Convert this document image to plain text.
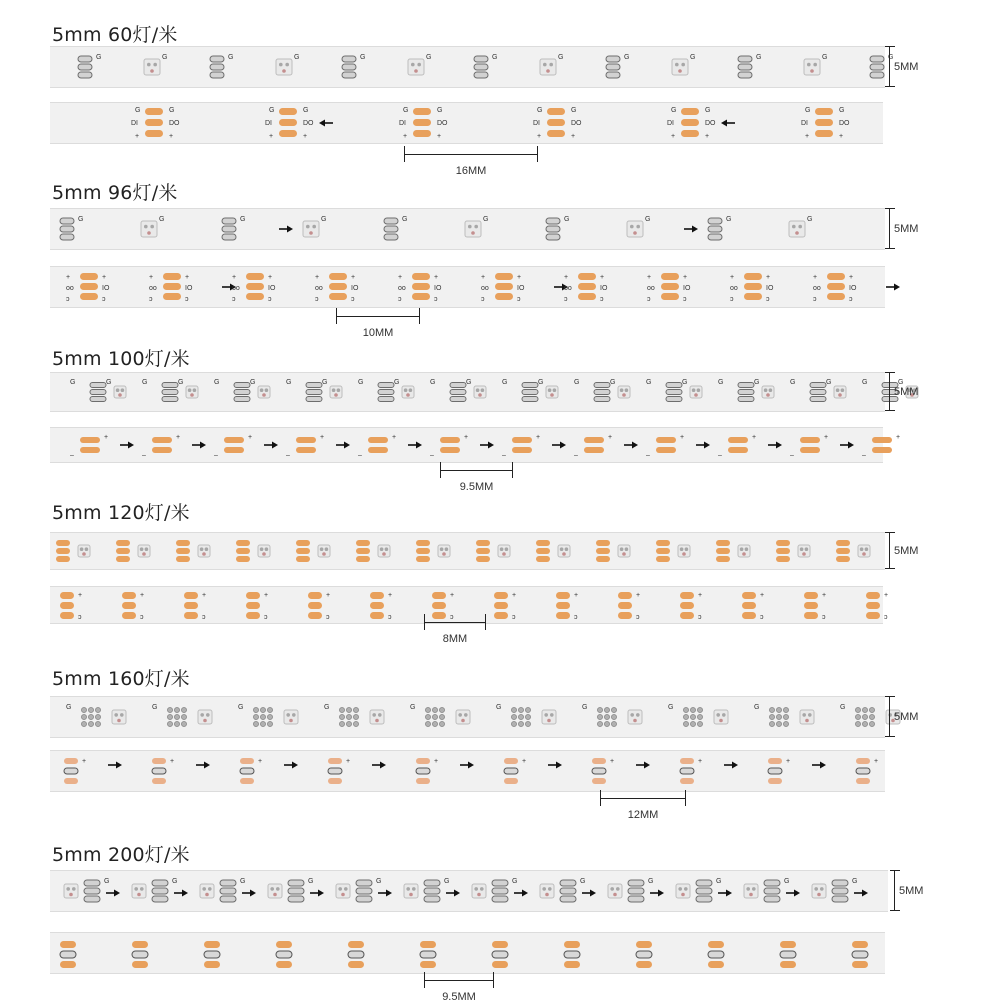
5mm 60灯/米
G	G	G	G	G	G	G	G	G	G	G	G	G
5MM
G	G
DI	DO
+	+
G	G
DI	DO
+	+
G	G
DI	DO
+	+
G	G
DI	DO
+	+
G	G
DI	DO
+	+
G	G
DI	DO
+	+
16MM
5mm 96灯/米
G	G	G	G	G	G	G	G	G	G
5MM
+
oo
ɔ
+
IO
ɔ
+
oo
ɔ
+
IO
ɔ
+
oo
ɔ
+
IO
ɔ
+
oo
ɔ
+
IO
ɔ
+
oo
ɔ
+
IO
ɔ
+
oo
ɔ
+
IO
ɔ
+
oo
ɔ
+
IO
ɔ
+
oo
ɔ
+
IO
ɔ
+
oo
ɔ
+
IO
ɔ
+
oo
ɔ
+
IO
ɔ
10MM
5mm 100灯/米
G	G	G	G	G	G	G	G	G	G	G	G	G	G	G	G	G	G	G	G	G	G	G	G
5MM
+
–
+
–
+
–
+
–
+
–
+
–
+
–
+
–
+
–
+
–
+
–
+
–
9.5MM
5mm 120灯/米
5MM
+
ɔ
+
ɔ
+
ɔ
+
ɔ
+
ɔ
+
ɔ
+
ɔ
+
ɔ
+
ɔ
+
ɔ
+
ɔ
+
ɔ
+
ɔ
+
ɔ
8MM
5mm 160灯/米
G	G	G	G	G	G	G	G	G	G
5MM
+	+	+	+	+	+	+	+	+	+
12MM
5mm 200灯/米
G	G	G	G	G	G	G	G	G	G	G	G
5MM
9.5MM
